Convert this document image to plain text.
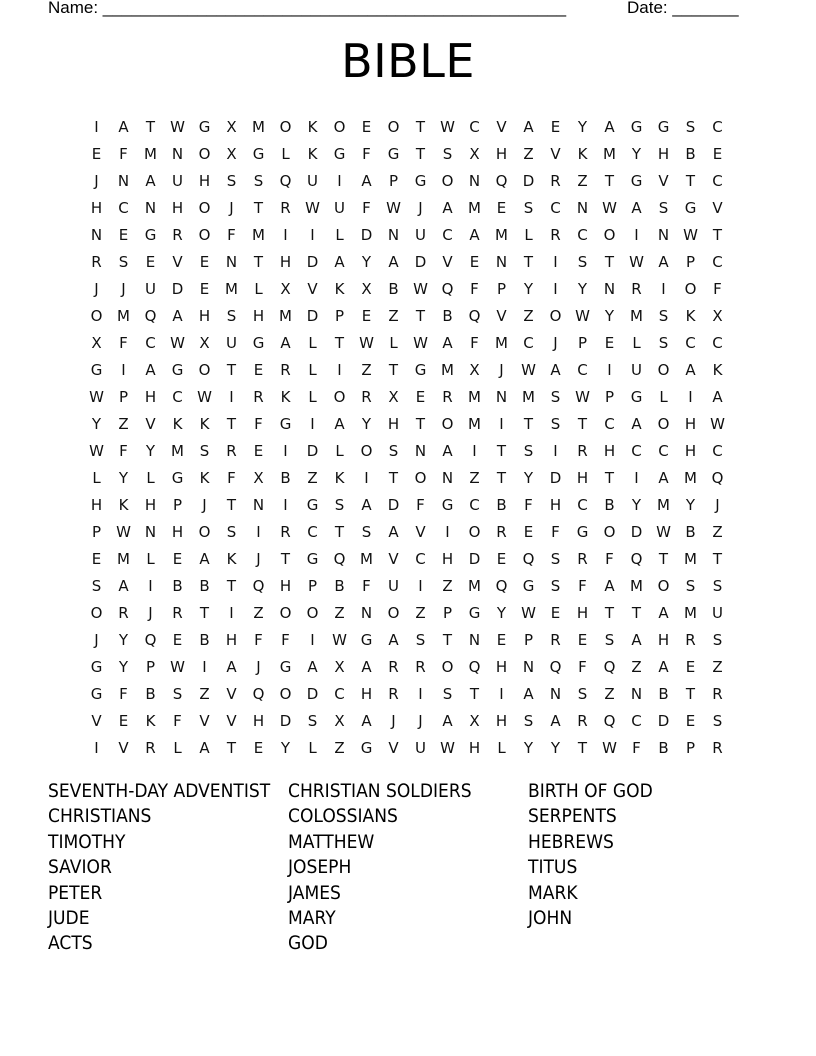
Name: _________________________________________________	Date: _______
BIBLE
I	A	T	W G	X	M O	K	O	E	O	T	W C	V	A	E	Y	A	G	G	S	C
E	F	M N	O	X	G	L	K	G	F	G	T	S	X	H	Z	V	K	M	Y	H	B	E
J	N	A	U	H	S	S	Q	U	I	A	P	G	O	N	Q	D	R	Z	T	G	V	T	C
H	C	N	H	O	J	T	R W U	F	W	J	A	M	E	S	C	N W A	S	G	V
N	E	G	R	O	F	M	I	I	L	D	N	U	C	A	M	L	R	C	O	I	N W T
R	S	E	V	E	N	T	H	D	A	Y	A	D	V	E	N	T	I	S	T	W A	P	C
J	J	U	D	E	M	L	X	V	K	X	B W Q	F	P	Y	I	Y	N	R	I	O	F
O M Q	A	H	S	H M D	P	E	Z	T	B	Q	V	Z	O W Y	M	S	K	X
X	F	C W X	U	G	A	L	T	W	L	W A	F	M	C	J	P	E	L	S	C	C
G	I	A	G	O	T	E	R	L	I	Z	T	G M	X	J	W A	C	I	U	O	A	K
W	P	H	C W	I	R	K	L	O	R	X	E	R	M N M	S W	P	G	L	I	A
Y	Z	V	K	K	T	F	G	I	A	Y	H	T	O M	I	T	S	T	C	A	O	H W
W	F	Y	M	S	R	E	I	D	L	O	S	N	A	I	T	S	I	R	H	C	C	H	C
L	Y	L	G	K	F	X	B	Z	K	I	T	O	N	Z	T	Y	D	H	T	I	A	M Q
H	K	H	P	J	T	N	I	G	S	A	D	F	G	C	B	F	H	C	B	Y	M	Y	J
P	W N	H	O	S	I	R	C	T	S	A	V	I	O	R	E	F	G	O	D W B	Z
E	M	L	E	A	K	J	T	G	Q M	V	C	H	D	E	Q	S	R	F	Q	T	M	T
S	A	I	B	B	T	Q	H	P	B	F	U	I	Z	M Q	G	S	F	A	M O	S	S
O	R	J	R	T	I	Z	O	O	Z	N	O	Z	P	G	Y	W E	H	T	T	A	M	U
J	Y	Q	E	B	H	F	F	I	W G	A	S	T	N	E	P	R	E	S	A	H	R	S
G	Y	P	W	I	A	J	G	A	X	A	R	R	O	Q	H	N	Q	F	Q	Z	A	E	Z
G	F	B	S	Z	V	Q	O	D	C	H	R	I	S	T	I	A	N	S	Z	N	B	T	R
V	E	K	F	V	V	H	D	S	X	A	J	J	A	X	H	S	A	R	Q	C	D	E	S
I	V	R	L	A	T	E	Y	L	Z	G	V	U W H	L	Y	Y	T	W	F	B	P	R
SEVENTH-DAY ADVENTIST
CHRISTIANS
TIMOTHY
SAVIOR
PETER
JUDE
ACTS
CHRISTIAN SOLDIERS
COLOSSIANS
MATTHEW
JOSEPH
JAMES
MARY
GOD
BIRTH OF GOD
SERPENTS
HEBREWS
TITUS
MARK
JOHN
